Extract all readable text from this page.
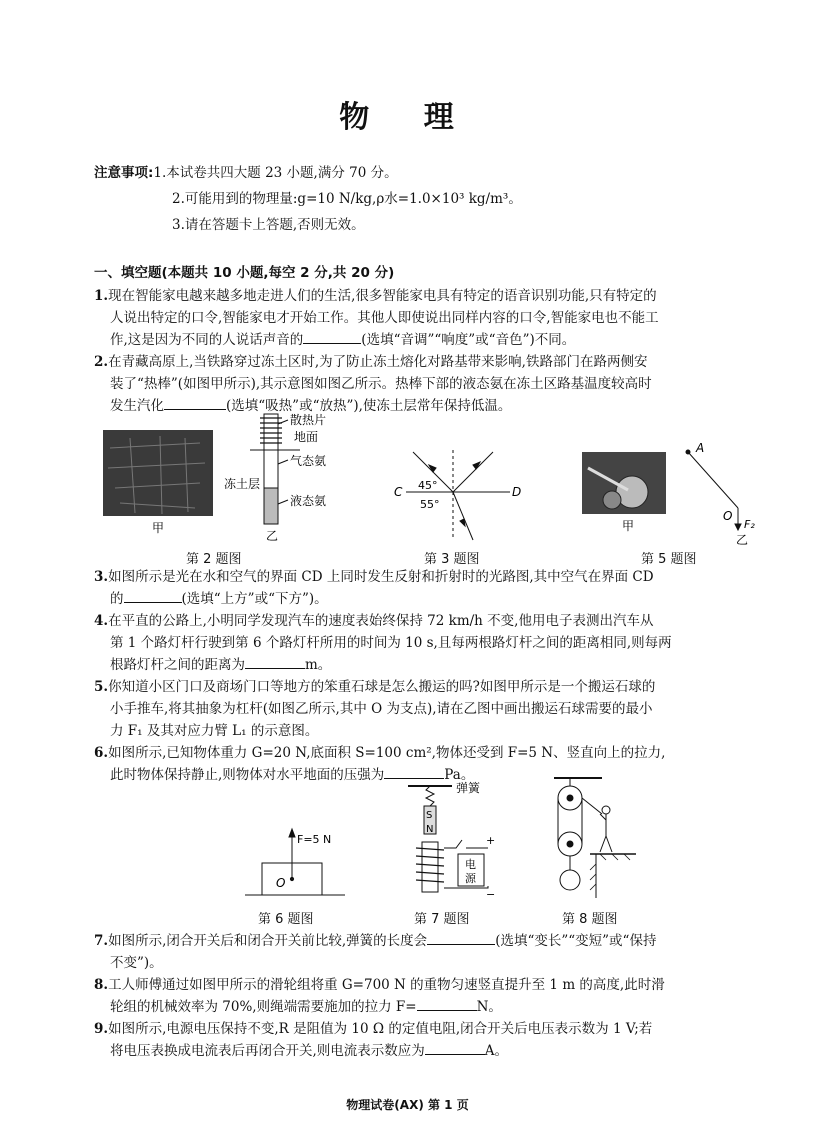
物 理
注意事项:1.本试卷共四大题 23 小题,满分 70 分。
2.可能用到的物理量:g=10 N/kg,ρ水=1.0×10³ kg/m³。
3.请在答题卡上答题,否则无效。
一、填空题(本题共 10 小题,每空 2 分,共 20 分)
1.现在智能家电越来越多地走进人们的生活,很多智能家电具有特定的语音识别功能,只有特定的
人说出特定的口令,智能家电才开始工作。其他人即使说出同样内容的口令,智能家电也不能工
作,这是因为不同的人说话声音的	(选填“音调”“响度”或“音色”)不同。
2.在青藏高原上,当铁路穿过冻土区时,为了防止冻土熔化对路基带来影响,铁路部门在路两侧安
装了“热棒”(如图甲所示),其示意图如图乙所示。热棒下部的液态氨在冻土区路基温度较高时
发生汽化	(选填“吸热”或“放热”),使冻土层常年保持低温。
甲
散热片
地面
气态氨
冻土层
液态氨
乙
第 2 题图
C	D
45°
55°
第 3 题图
甲
A
O
F₂
乙
第 5 题图
3.如图所示是光在水和空气的界面 CD 上同时发生反射和折射时的光路图,其中空气在界面 CD
的	(选填“上方”或“下方”)。
4.在平直的公路上,小明同学发现汽车的速度表始终保持 72 km/h 不变,他用电子表测出汽车从
第 1 个路灯杆行驶到第 6 个路灯杆所用的时间为 10 s,且每两根路灯杆之间的距离相同,则每两
根路灯杆之间的距离为	m。
5.你知道小区门口及商场门口等地方的笨重石球是怎么搬运的吗?如图甲所示是一个搬运石球的
小手推车,将其抽象为杠杆(如图乙所示,其中 O 为支点),请在乙图中画出搬运石球需要的最小
力 F₁ 及其对应力臂 L₁ 的示意图。
6.如图所示,已知物体重力 G=20 N,底面积 S=100 cm²,物体还受到 F=5 N、竖直向上的拉力,
此时物体保持静止,则物体对水平地面的压强为	Pa。
F=5 N
O
第 6 题图
弹簧
S
N
+
−
电
源
第 7 题图	第 8 题图
7.如图所示,闭合开关后和闭合开关前比较,弹簧的长度会	(选填“变长”“变短”或“保持
不变”)。
8.工人师傅通过如图甲所示的滑轮组将重 G=700 N 的重物匀速竖直提升至 1 m 的高度,此时滑
轮组的机械效率为 70%,则绳端需要施加的拉力 F=	N。
9.如图所示,电源电压保持不变,R 是阻值为 10 Ω 的定值电阻,闭合开关后电压表示数为 1 V;若
将电压表换成电流表后再闭合开关,则电流表示数应为	A。
物理试卷(AX) 第 1 页
